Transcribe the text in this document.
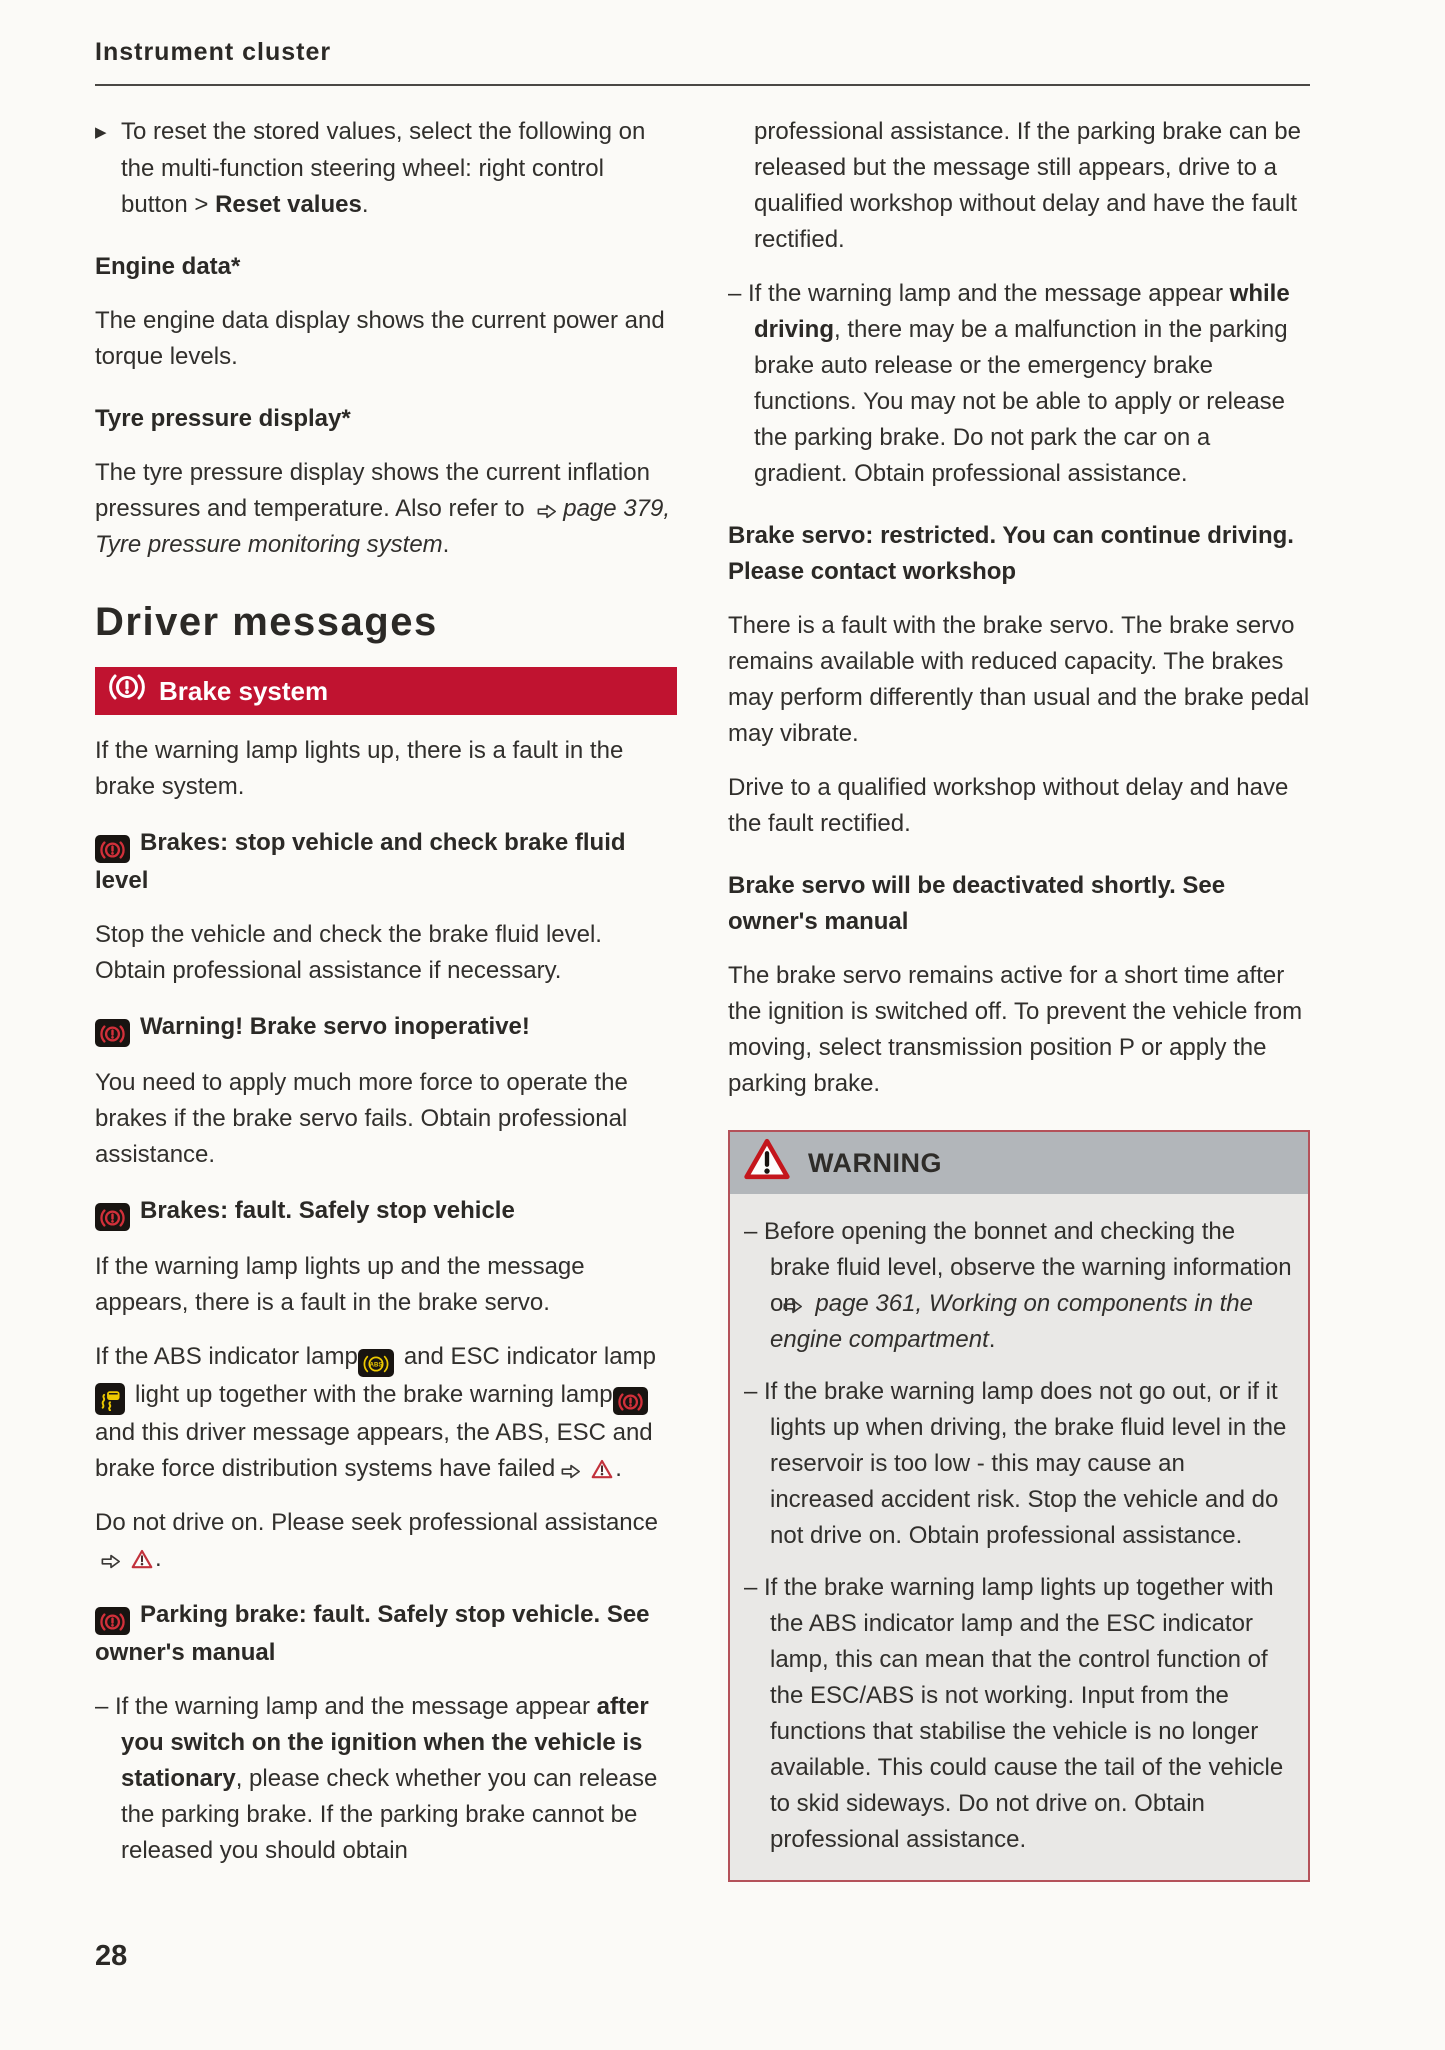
Instrument cluster

▶ To reset the stored values, select the following on the multi-function steering wheel: right control button > Reset values.

Engine data*

The engine data display shows the current power and torque levels.

Tyre pressure display*

The tyre pressure display shows the current inflation pressures and temperature. Also refer to page 379, Tyre pressure monitoring system.

Driver messages
Brake system

If the warning lamp lights up, there is a fault in the brake system.

Brakes: stop vehicle and check brake fluid level

Stop the vehicle and check the brake fluid level. Obtain professional assistance if necessary.

Warning! Brake servo inoperative!

You need to apply much more force to operate the brakes if the brake servo fails. Obtain professional assistance.

Brakes: fault. Safely stop vehicle

If the warning lamp lights up and the message appears, there is a fault in the brake servo.

If the ABS indicator lamp ABS and ESC indicator lamplight up together with the brake warning lampand this driver message appears, the ABS, ESC and brake force distribution systems have failed	.

Do not drive on. Please seek professional assistance.

Parking brake: fault. Safely stop vehicle. See owner's manual

– If the warning lamp and the message appear after you switch on the ignition when the vehicle is stationary, please check whether you can release the parking brake. If the parking brake cannot be released you should obtain

professional assistance. If the parking brake can be released but the message still appears, drive to a qualified workshop without delay and have the fault rectified.

– If the warning lamp and the message appear while driving, there may be a malfunction in the parking brake auto release or the emergency brake functions. You may not be able to apply or release the parking brake. Do not park the car on a gradient. Obtain professional assistance.

Brake servo: restricted. You can continue driving. Please contact workshop

There is a fault with the brake servo. The brake servo remains available with reduced capacity. The brakes may perform differently than usual and the brake pedal may vibrate.

Drive to a qualified workshop without delay and have the fault rectified.

Brake servo will be deactivated shortly. See owner's manual

The brake servo remains active for a short time after the ignition is switched off. To prevent the vehicle from moving, select transmission position P or apply the parking brake.

WARNING

– Before opening the bonnet and checking the brake fluid level, observe the warning information on page 361, Working on components in the engine compartment.

– If the brake warning lamp does not go out, or if it lights up when driving, the brake fluid level in the reservoir is too low - this may cause an increased accident risk. Stop the vehicle and do not drive on. Obtain professional assistance.

– If the brake warning lamp lights up together with the ABS indicator lamp and the ESC indicator lamp, this can mean that the control function of the ESC/ABS is not working. Input from the functions that stabilise the vehicle is no longer available. This could cause the tail of the vehicle to skid sideways. Do not drive on. Obtain professional assistance.

28
